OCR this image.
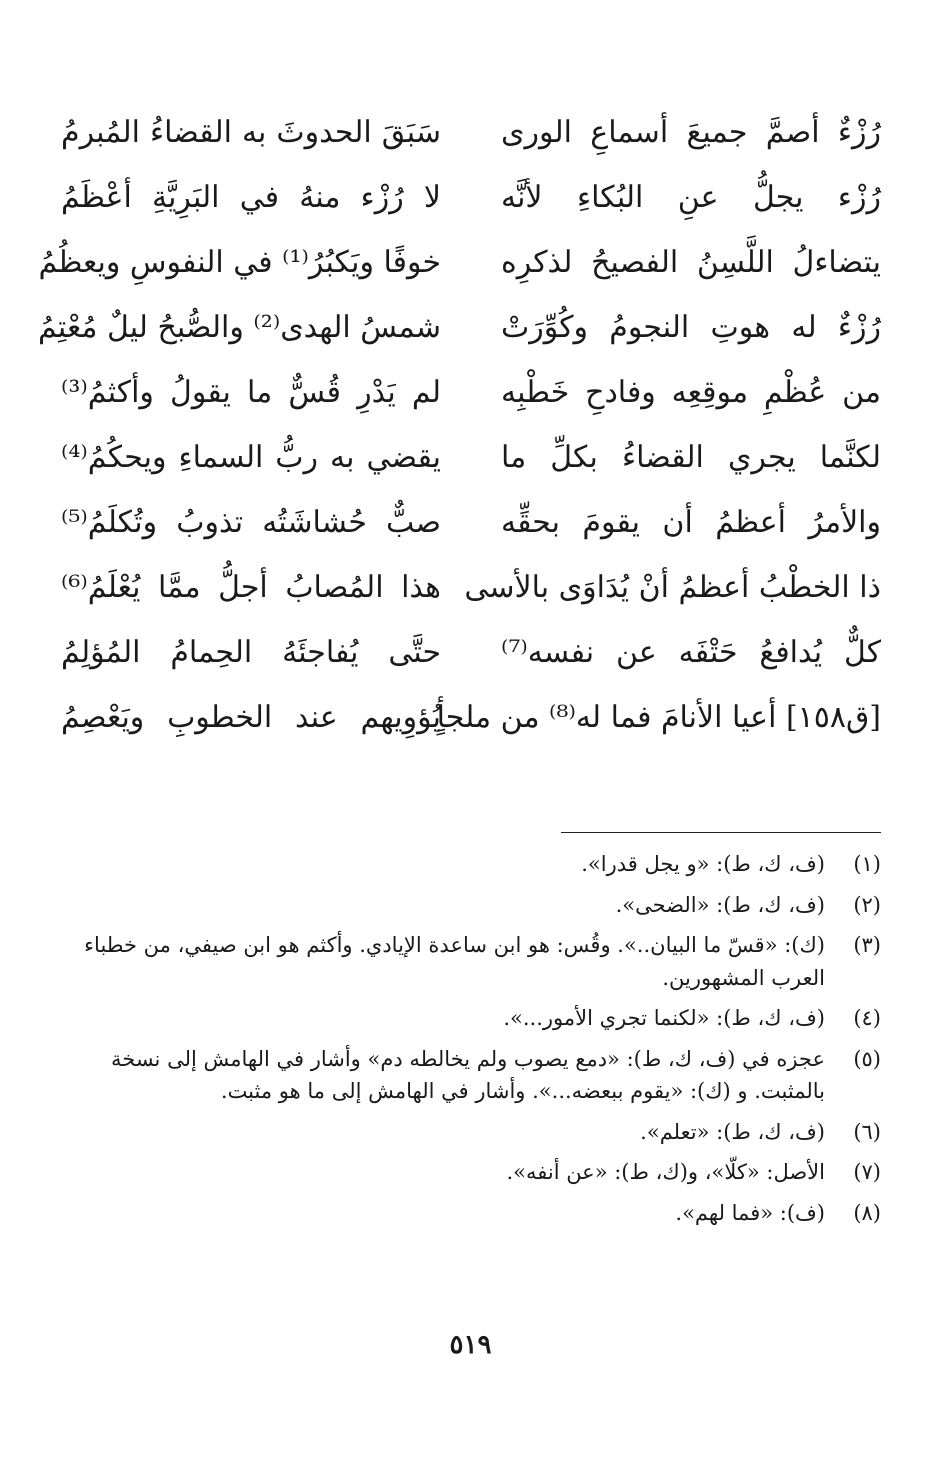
رُزْءٌ أصمَّ جميعَ أسماعِ الورى
سَبَقَ الحدوثَ به القضاءُ المُبرمُ
رُزْء يجلُّ عنِ البُكاءِ لأنَّه
لا رُزْء منهُ في البَرِيَّةِ أعْظَمُ
يتضاءلُ اللَّسِنُ الفصيحُ لذكرِه
خوفًا ويَكبُرُ⁽¹⁾ في النفوسِ ويعظُمُ
رُزْءٌ له هوتِ النجومُ وكُوِّرَتْ
شمسُ الهدى⁽²⁾ والصُّبحُ ليلٌ مُعْتِمُ
من عُظْمِ موقِعِه وفادحِ خَطْبِه
لم يَدْرِ قُسٌّ ما يقولُ وأكثمُ⁽³⁾
لكنَّما يجري القضاءُ بكلِّ ما
يقضي به ربُّ السماءِ ويحكُمُ⁽⁴⁾
والأمرُ أعظمُ أن يقومَ بحقِّه
صبٌّ حُشاشَتُه تذوبُ وتُكلَمُ⁽⁵⁾
ذا الخطْبُ أعظمُ أنْ يُدَاوَى بالأسى
هذا المُصابُ أجلُّ ممَّا يُعْلَمُ⁽⁶⁾
كلٌّ يُدافعُ حَتْفَه عن نفسه⁽⁷⁾
حتَّى يُفاجئَهُ الحِمامُ المُؤلِمُ
[ق١٥٨] أعيا الأنامَ فما له⁽⁸⁾ من ملجأٍ
يُؤوِيهم عند الخطوبِ ويَعْصِمُ
(١)
(ف، ك، ط): «و يجل قدرا».
(٢)
(ف، ك، ط): «الضحى».
(٣)
(ك): «قسّ ما البيان..». وقُس: هو ابن ساعدة الإيادي. وأكثم هو ابن صيفي، من خطباء العرب المشهورين.
(٤)
(ف، ك، ط): «لكنما تجري الأمور...».
(٥)
عجزه في (ف، ك، ط): «دمع يصوب ولم يخالطه دم» وأشار في الهامش إلى نسخة بالمثبت. و (ك): «يقوم ببعضه...». وأشار في الهامش إلى ما هو مثبت.
(٦)
(ف، ك، ط): «تعلم».
(٧)
الأصل: «كلّا»، و(ك، ط): «عن أنفه».
(٨)
(ف): «فما لهم».
٥١٩
